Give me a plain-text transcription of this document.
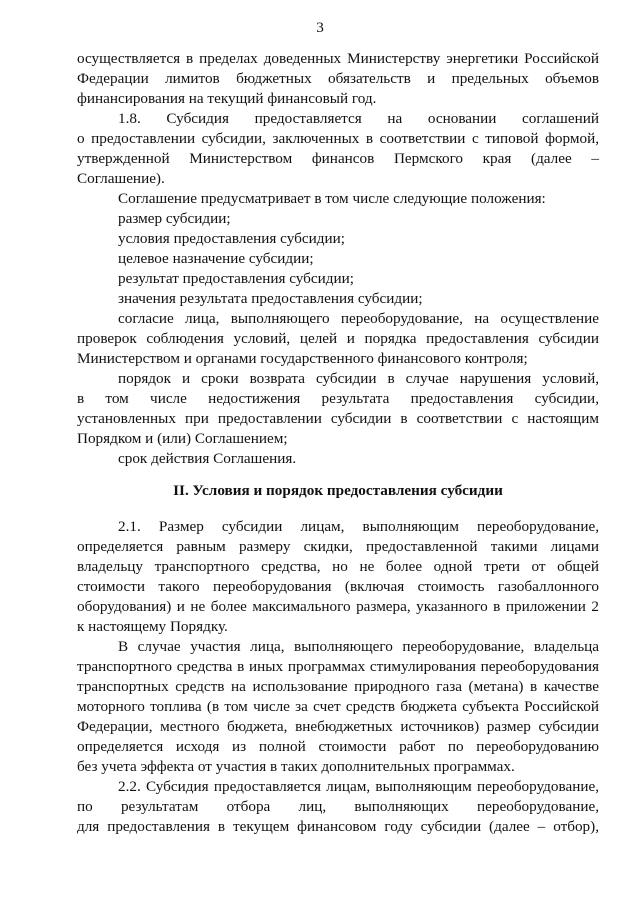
3
осуществляется в пределах доведенных Министерству энергетики Российской
Федерации лимитов бюджетных обязательств и предельных объемов
финансирования на текущий финансовый год.
1.8. Субсидия предоставляется на основании соглашений
о предоставлении субсидии, заключенных в соответствии с типовой формой,
утвержденной Министерством финансов Пермского края (далее –
Соглашение).
Соглашение предусматривает в том числе следующие положения:
размер субсидии;
условия предоставления субсидии;
целевое назначение субсидии;
результат предоставления субсидии;
значения результата предоставления субсидии;
согласие лица, выполняющего переоборудование, на осуществление
проверок соблюдения условий, целей и порядка предоставления субсидии
Министерством и органами государственного финансового контроля;
порядок и сроки возврата субсидии в случае нарушения условий,
в том числе недостижения результата предоставления субсидии,
установленных при предоставлении субсидии в соответствии с настоящим
Порядком и (или) Соглашением;
срок действия Соглашения.
II. Условия и порядок предоставления субсидии
2.1. Размер субсидии лицам, выполняющим переоборудование,
определяется равным размеру скидки, предоставленной такими лицами
владельцу транспортного средства, но не более одной трети от общей
стоимости такого переоборудования (включая стоимость газобаллонного
оборудования) и не более максимального размера, указанного в приложении 2
к настоящему Порядку.
В случае участия лица, выполняющего переоборудование, владельца
транспортного средства в иных программах стимулирования переоборудования
транспортных средств на использование природного газа (метана) в качестве
моторного топлива (в том числе за счет средств бюджета субъекта Российской
Федерации, местного бюджета, внебюджетных источников) размер субсидии
определяется исходя из полной стоимости работ по переоборудованию
без учета эффекта от участия в таких дополнительных программах.
2.2. Субсидия предоставляется лицам, выполняющим переоборудование,
по результатам отбора лиц, выполняющих переоборудование,
для предоставления в текущем финансовом году субсидии (далее – отбор),
